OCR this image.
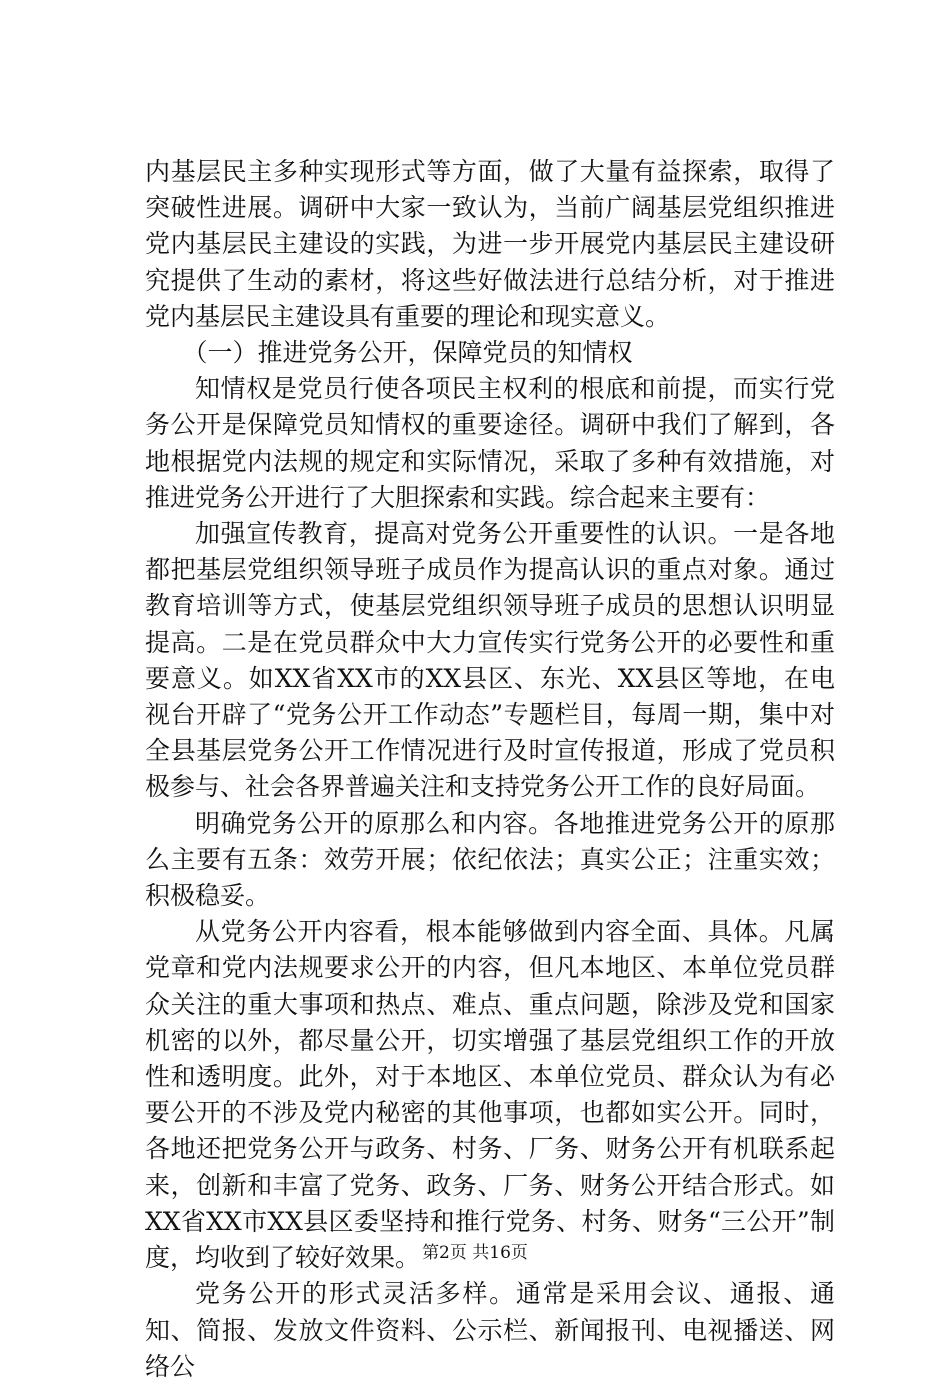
内基层民主多种实现形式等方面，做了大量有益探索，取得了突破性进展。调研中大家一致认为，当前广阔基层党组织推进党内基层民主建设的实践，为进一步开展党内基层民主建设研究提供了生动的素材，将这些好做法进行总结分析，对于推进党内基层民主建设具有重要的理论和现实意义。

（一）推进党务公开，保障党员的知情权

知情权是党员行使各项民主权利的根底和前提，而实行党务公开是保障党员知情权的重要途径。调研中我们了解到，各地根据党内法规的规定和实际情况，采取了多种有效措施，对推进党务公开进行了大胆探索和实践。综合起来主要有：

加强宣传教育，提高对党务公开重要性的认识。一是各地都把基层党组织领导班子成员作为提高认识的重点对象。通过教育培训等方式，使基层党组织领导班子成员的思想认识明显提高。二是在党员群众中大力宣传实行党务公开的必要性和重要意义。如XX省XX市的XX县区、东光、XX县区等地，在电视台开辟了“党务公开工作动态”专题栏目，每周一期，集中对全县基层党务公开工作情况进行及时宣传报道，形成了党员积极参与、社会各界普遍关注和支持党务公开工作的良好局面。

明确党务公开的原那么和内容。各地推进党务公开的原那么主要有五条：效劳开展；依纪依法；真实公正；注重实效；积极稳妥。

从党务公开内容看，根本能够做到内容全面、具体。凡属党章和党内法规要求公开的内容，但凡本地区、本单位党员群众关注的重大事项和热点、难点、重点问题，除涉及党和国家机密的以外，都尽量公开，切实增强了基层党组织工作的开放性和透明度。此外，对于本地区、本单位党员、群众认为有必要公开的不涉及党内秘密的其他事项，也都如实公开。同时，各地还把党务公开与政务、村务、厂务、财务公开有机联系起来，创新和丰富了党务、政务、厂务、财务公开结合形式。如XX省XX市XX县区委坚持和推行党务、村务、财务“三公开”制度，均收到了较好效果。

党务公开的形式灵活多样。通常是采用会议、通报、通知、简报、发放文件资料、公示栏、新闻报刊、电视播送、网络公

第2页 共16页
